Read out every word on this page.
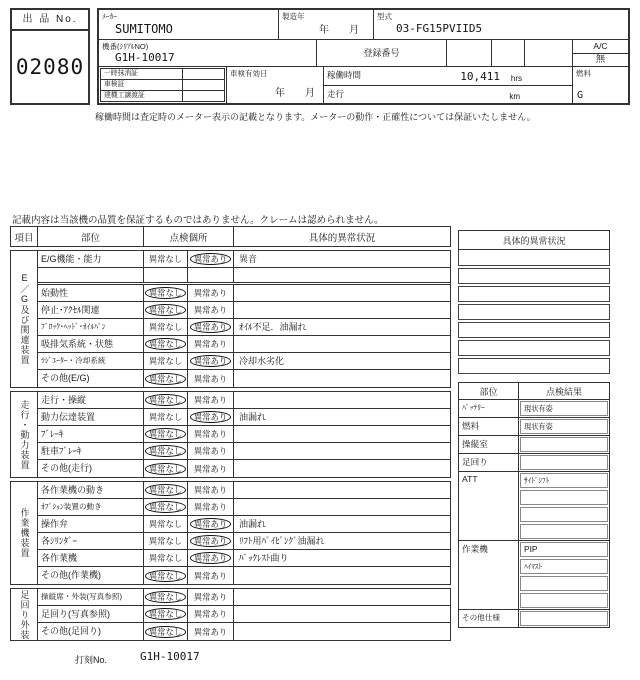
出 品 No.
02080
ﾒｰｶｰ
SUMITOMO
製造年
年　　月
型式
03-FG15PVIID5
機番(ｼﾘｱﾙNO)
G1H-10017	登録番号
A/C
無
一時抹消証
車検証
建機工譲渡証
車検有効日
年　　月
稼働時間	10,411 hrs
走行	km
燃料
G
稼働時間は査定時のメーター表示の記載となります。メーターの動作・正確性については保証いたしません。
記載内容は当該機の品質を保証するものではありません。クレームは認められません。
項目	部位	点検個所	具体的異常状況
E／G及び関連装置
E/G機能・能力	異常なし 異常あり	異音
始動性	異常なし 異常あり
停止･ｱｸｾﾙ関連	異常なし 異常あり
ﾌﾞﾛｯｸ･ﾍｯﾄﾞ･ｵｲﾙﾊﾟﾝ	異常なし 異常あり	ｵｲﾙ不足．油漏れ
吸排気系統・状態	異常なし 異常あり
ﾗｼﾞｴｰﾀｰ・冷却系統	異常なし 異常あり	冷却水劣化
その他(E/G)	異常なし 異常あり
走行・動力装置	走行・操縦	異常なし 異常あり
動力伝達装置	異常なし 異常あり	油漏れ
ﾌﾞﾚｰｷ	異常なし 異常あり
駐車ﾌﾞﾚｰｷ	異常なし 異常あり
その他(走行)	異常なし 異常あり
作業機装置
各作業機の動き	異常なし 異常あり
ｵﾌﾟｼｮﾝ装置の動き	異常なし 異常あり
操作弁	異常なし 異常あり	油漏れ
各ｼﾘﾝﾀﾞｰ	異常なし 異常あり	ﾘﾌﾄ用ﾊﾟｲﾋﾟﾝｸﾞ油漏れ
各作業機	異常なし 異常あり	ﾊﾞｯｸﾚｽﾄ曲り
その他(作業機)	異常なし 異常あり
足回り外装	操縦席・外装(写真参照)	異常なし 異常あり
足回り(写真参照)	異常なし 異常あり
その他(足回り)	異常なし 異常あり
具体的異常状況
部位	点検結果
ﾊﾞｯﾃﾘｰ	現状有姿
燃料	現状有姿
操縦室
足回り
ATT	ｻｲﾄﾞｼﾌﾄ
作業機	PIP
ﾊｲﾏｽﾄ
その他仕様
打刻No.	G1H-10017
